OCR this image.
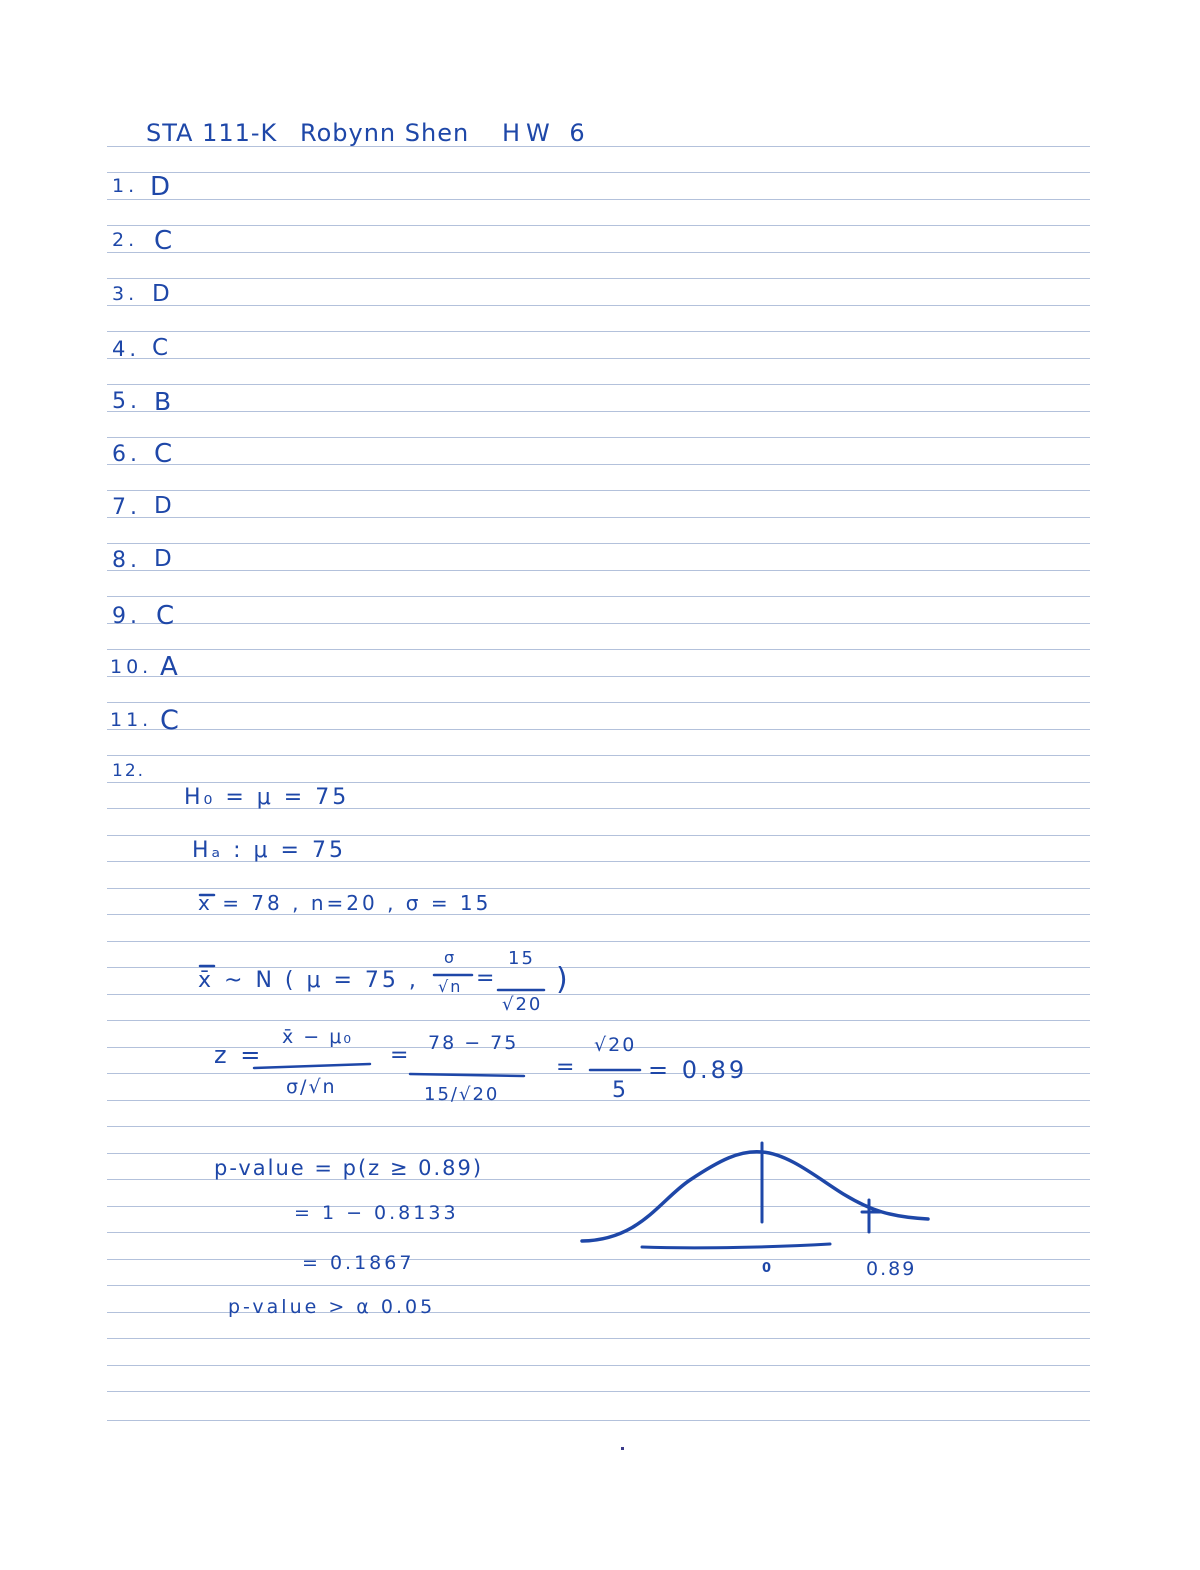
STA 111-K Robynn Shen HW 6
1. D
2. C
3. D
4. C
5. B
6. C
7. D
8. D
9. C
10. A
11. C
12.
H₀ = μ = 75
Hₐ : μ = 75
x̄ = 78 , n=20 , σ = 15
x̄ ~ N ( μ = 75 ,
σ
√n =
15
√20
)
z =
x̄ − μ₀
σ/√n
= 78 − 75
15/√20
=
√20
5
= 0.89
p-value = p(z ≥ 0.89)
= 1 − 0.8133
= 0.1867
p-value > α 0.05
0	0.89
